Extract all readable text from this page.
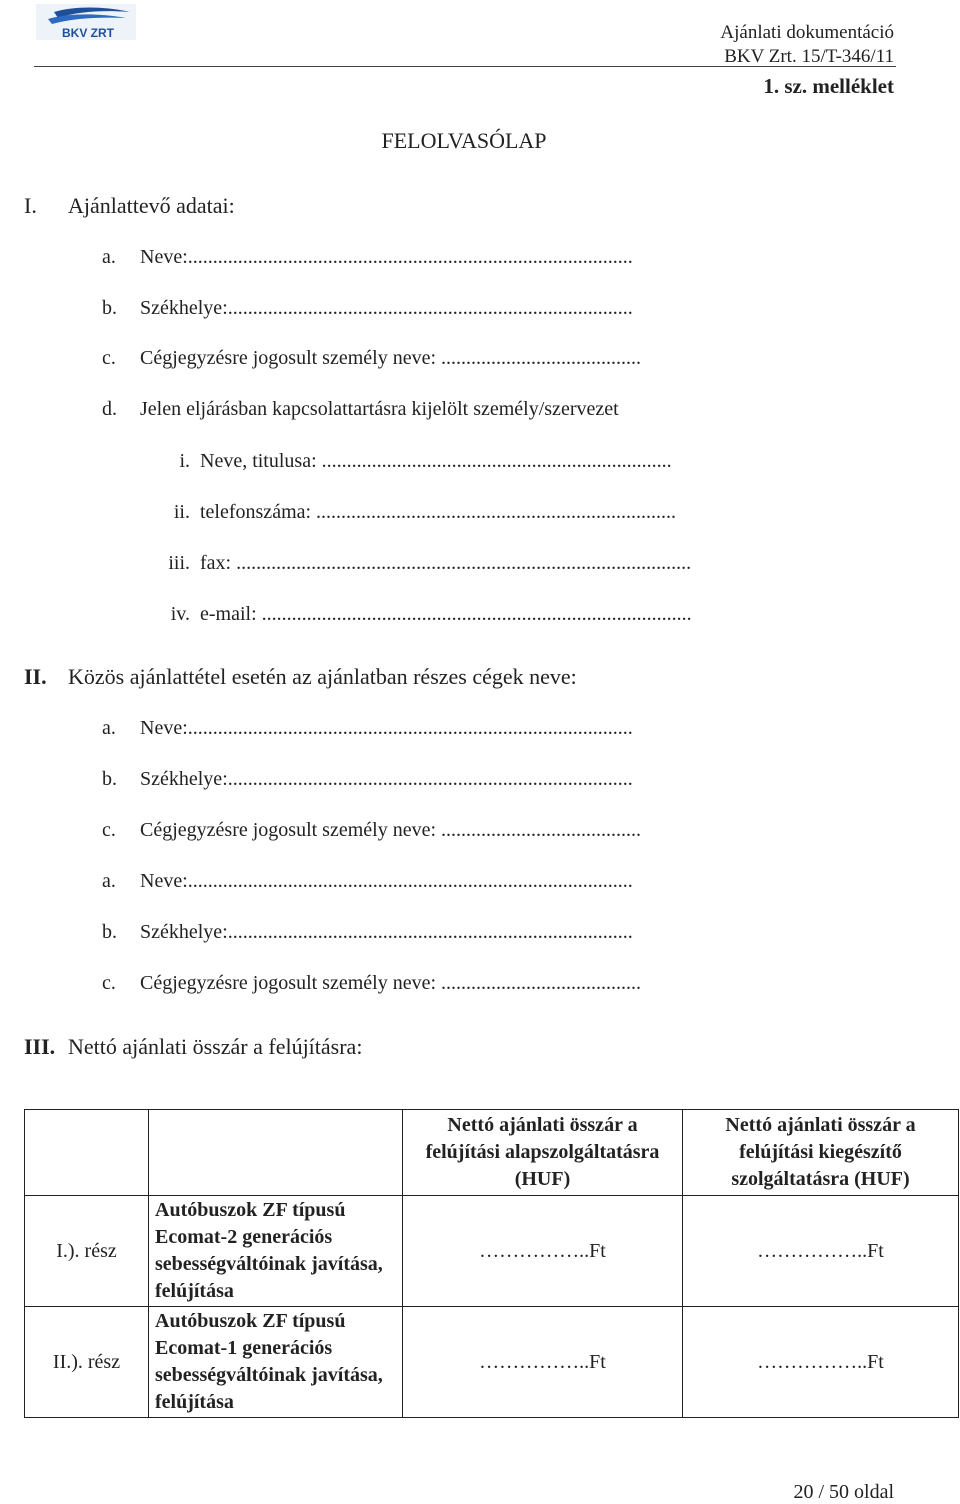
BKV ZRT	Ajánlati dokumentáció
BKV Zrt. 15/T-346/11
1. sz. melléklet
FELOLVASÓLAP
I. Ajánlattevő adatai:
a. Neve:.........................................................................................
b. Székhelye:.................................................................................
c. Cégjegyzésre jogosult személy neve: ........................................
d. Jelen eljárásban kapcsolattartásra kijelölt személy/szervezet
i. Neve, titulusa: ......................................................................
ii. telefonszáma: ........................................................................
iii. fax: ...........................................................................................
iv. e-mail: ......................................................................................
II. Közös ajánlattétel esetén az ajánlatban részes cégek neve:
a. Neve:.........................................................................................
b. Székhelye:.................................................................................
c. Cégjegyzésre jogosult személy neve: ........................................
a. Neve:.........................................................................................
b. Székhelye:.................................................................................
c. Cégjegyzésre jogosult személy neve: ........................................
III. Nettó ajánlati összár a felújításra:
		Nettó ajánlati összár a felújítási alapszolgáltatásra (HUF)	Nettó ajánlati összár a felújítási kiegészítő szolgáltatásra (HUF)
I.). rész	Autóbuszok ZF típusú Ecomat-2 generációs sebességváltóinak javítása, felújítása	……………..Ft	……………..Ft
II.). rész	Autóbuszok ZF típusú Ecomat-1 generációs sebességváltóinak javítása, felújítása	……………..Ft	……………..Ft
20 / 50 oldal
